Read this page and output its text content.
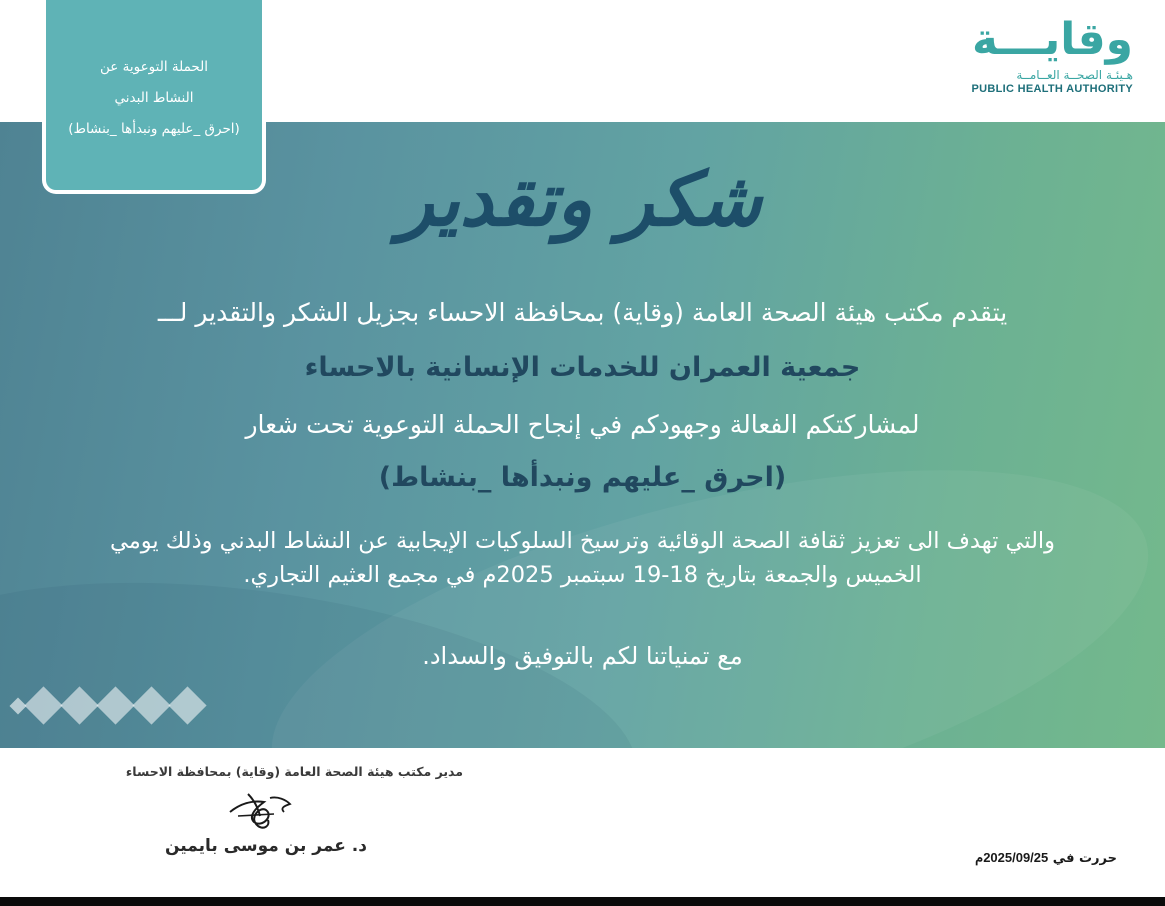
الحملة التوعوية عن
النشاط البدني
(احرق _عليهم ونبدأها _بنشاط)
وقايـــة
هـيئـة الصحــة العــامــة
PUBLIC HEALTH AUTHORITY
شكر وتقدير
يتقدم مكتب هيئة الصحة العامة (وقاية) بمحافظة الاحساء بجزيل الشكر والتقدير لـــ
جمعية العمران للخدمات الإنسانية بالاحساء
لمشاركتكم الفعالة وجهودكم في إنجاح الحملة التوعوية تحت شعار
(احرق _عليهم ونبدأها _بنشاط)
والتي تهدف الى تعزيز ثقافة الصحة الوقائية وترسيخ السلوكيات الإيجابية عن النشاط البدني وذلك يومي
الخميس والجمعة بتاريخ 18-19 سبتمبر 2025م في مجمع العثيم التجاري.
مع تمنياتنا لكم بالتوفيق والسداد.
مدير مكتب هيئة الصحة العامة (وقاية) بمحافظة الاحساء
د. عمر بن موسى بايمين
حررت في 2025/09/25م
